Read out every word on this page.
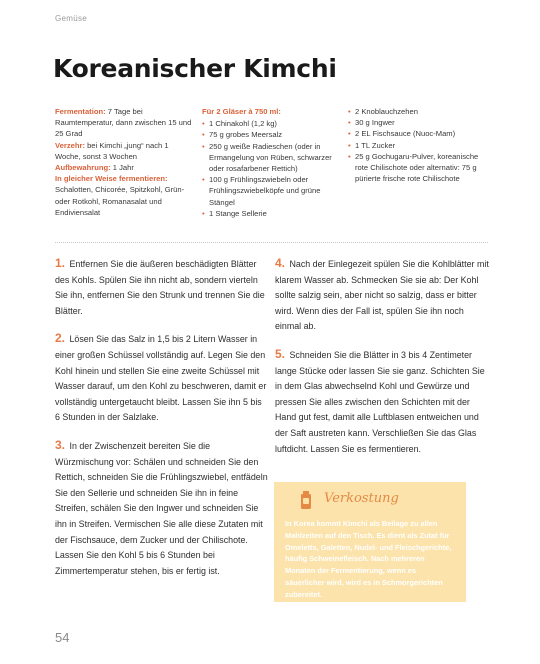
Gemüse
Koreanischer Kimchi

Fermentation: 7 Tage bei Raumtemperatur, dann zwischen 15 und 25 Grad

Verzehr: bei Kimchi „jung“ nach 1 Woche, sonst 3 Wochen

Aufbewahrung: 1 Jahr

In gleicher Weise fermentieren: Schalotten, Chicorée, Spitzkohl, Grün- oder Rotkohl, Romanasalat und Endiviensalat

Für 2 Gläser à 750 ml:
• 1 Chinakohl (1,2 kg)
• 75 g grobes Meersalz
• 250 g weiße Radieschen (oder in Ermangelung von Rüben, schwarzer oder rosafarbener Rettich)
• 100 g Frühlingszwiebeln oder Frühlingszwiebelköpfe und grüne Stängel
• 1 Stange Sellerie
• 2 Knoblauchzehen
• 30 g Ingwer
• 2 EL Fischsauce (Nuoc-Mam)
• 1 TL Zucker
• 25 g Gochugaru-Pulver, koreanische rote Chilischote oder alternativ: 75 g pürierte frische rote Chilischote

1. Entfernen Sie die äußeren beschädigten Blätter des Kohls. Spülen Sie ihn nicht ab, sondern vierteln Sie ihn, entfernen Sie den Strunk und trennen Sie die Blätter.

2. Lösen Sie das Salz in 1,5 bis 2 Litern Wasser in einer großen Schüssel vollständig auf. Legen Sie den Kohl hinein und stellen Sie eine zweite Schüssel mit Wasser darauf, um den Kohl zu beschweren, damit er vollständig untergetaucht bleibt. Lassen Sie ihn 5 bis 6 Stunden in der Salzlake.

3. In der Zwischenzeit bereiten Sie die Würzmischung vor: Schälen und schneiden Sie den Rettich, schneiden Sie die Frühlingszwiebel, entfädeln Sie den Sellerie und schneiden Sie ihn in feine Streifen, schälen Sie den Ingwer und schneiden Sie ihn in Streifen. Vermischen Sie alle diese Zutaten mit der Fischsauce, dem Zucker und der Chilischote. Lassen Sie den Kohl 5 bis 6 Stunden bei Zimmertemperatur stehen, bis er fertig ist.

4. Nach der Einlegezeit spülen Sie die Kohlblätter mit klarem Wasser ab. Schmecken Sie sie ab: Der Kohl sollte salzig sein, aber nicht so salzig, dass er bitter wird. Wenn dies der Fall ist, spülen Sie ihn noch einmal ab.

5. Schneiden Sie die Blätter in 3 bis 4 Zentimeter lange Stücke oder lassen Sie sie ganz. Schichten Sie in dem Glas abwechselnd Kohl und Gewürze und pressen Sie alles zwischen den Schichten mit der Hand gut fest, damit alle Luftblasen entweichen und der Saft austreten kann. Verschließen Sie das Glas luftdicht. Lassen Sie es fermentieren.

Verkostung
In Korea kommt Kimchi als Beilage zu allen Mahlzeiten auf den Tisch. Es dient als Zutat für Omeletts, Galetten, Nudel- und Fleischgerichte, häufig Schweinefleisch. Nach mehreren Monaten der Fermentierung, wenn es säuerlicher wird, wird es in Schmorgerichten zubereitet.
54
